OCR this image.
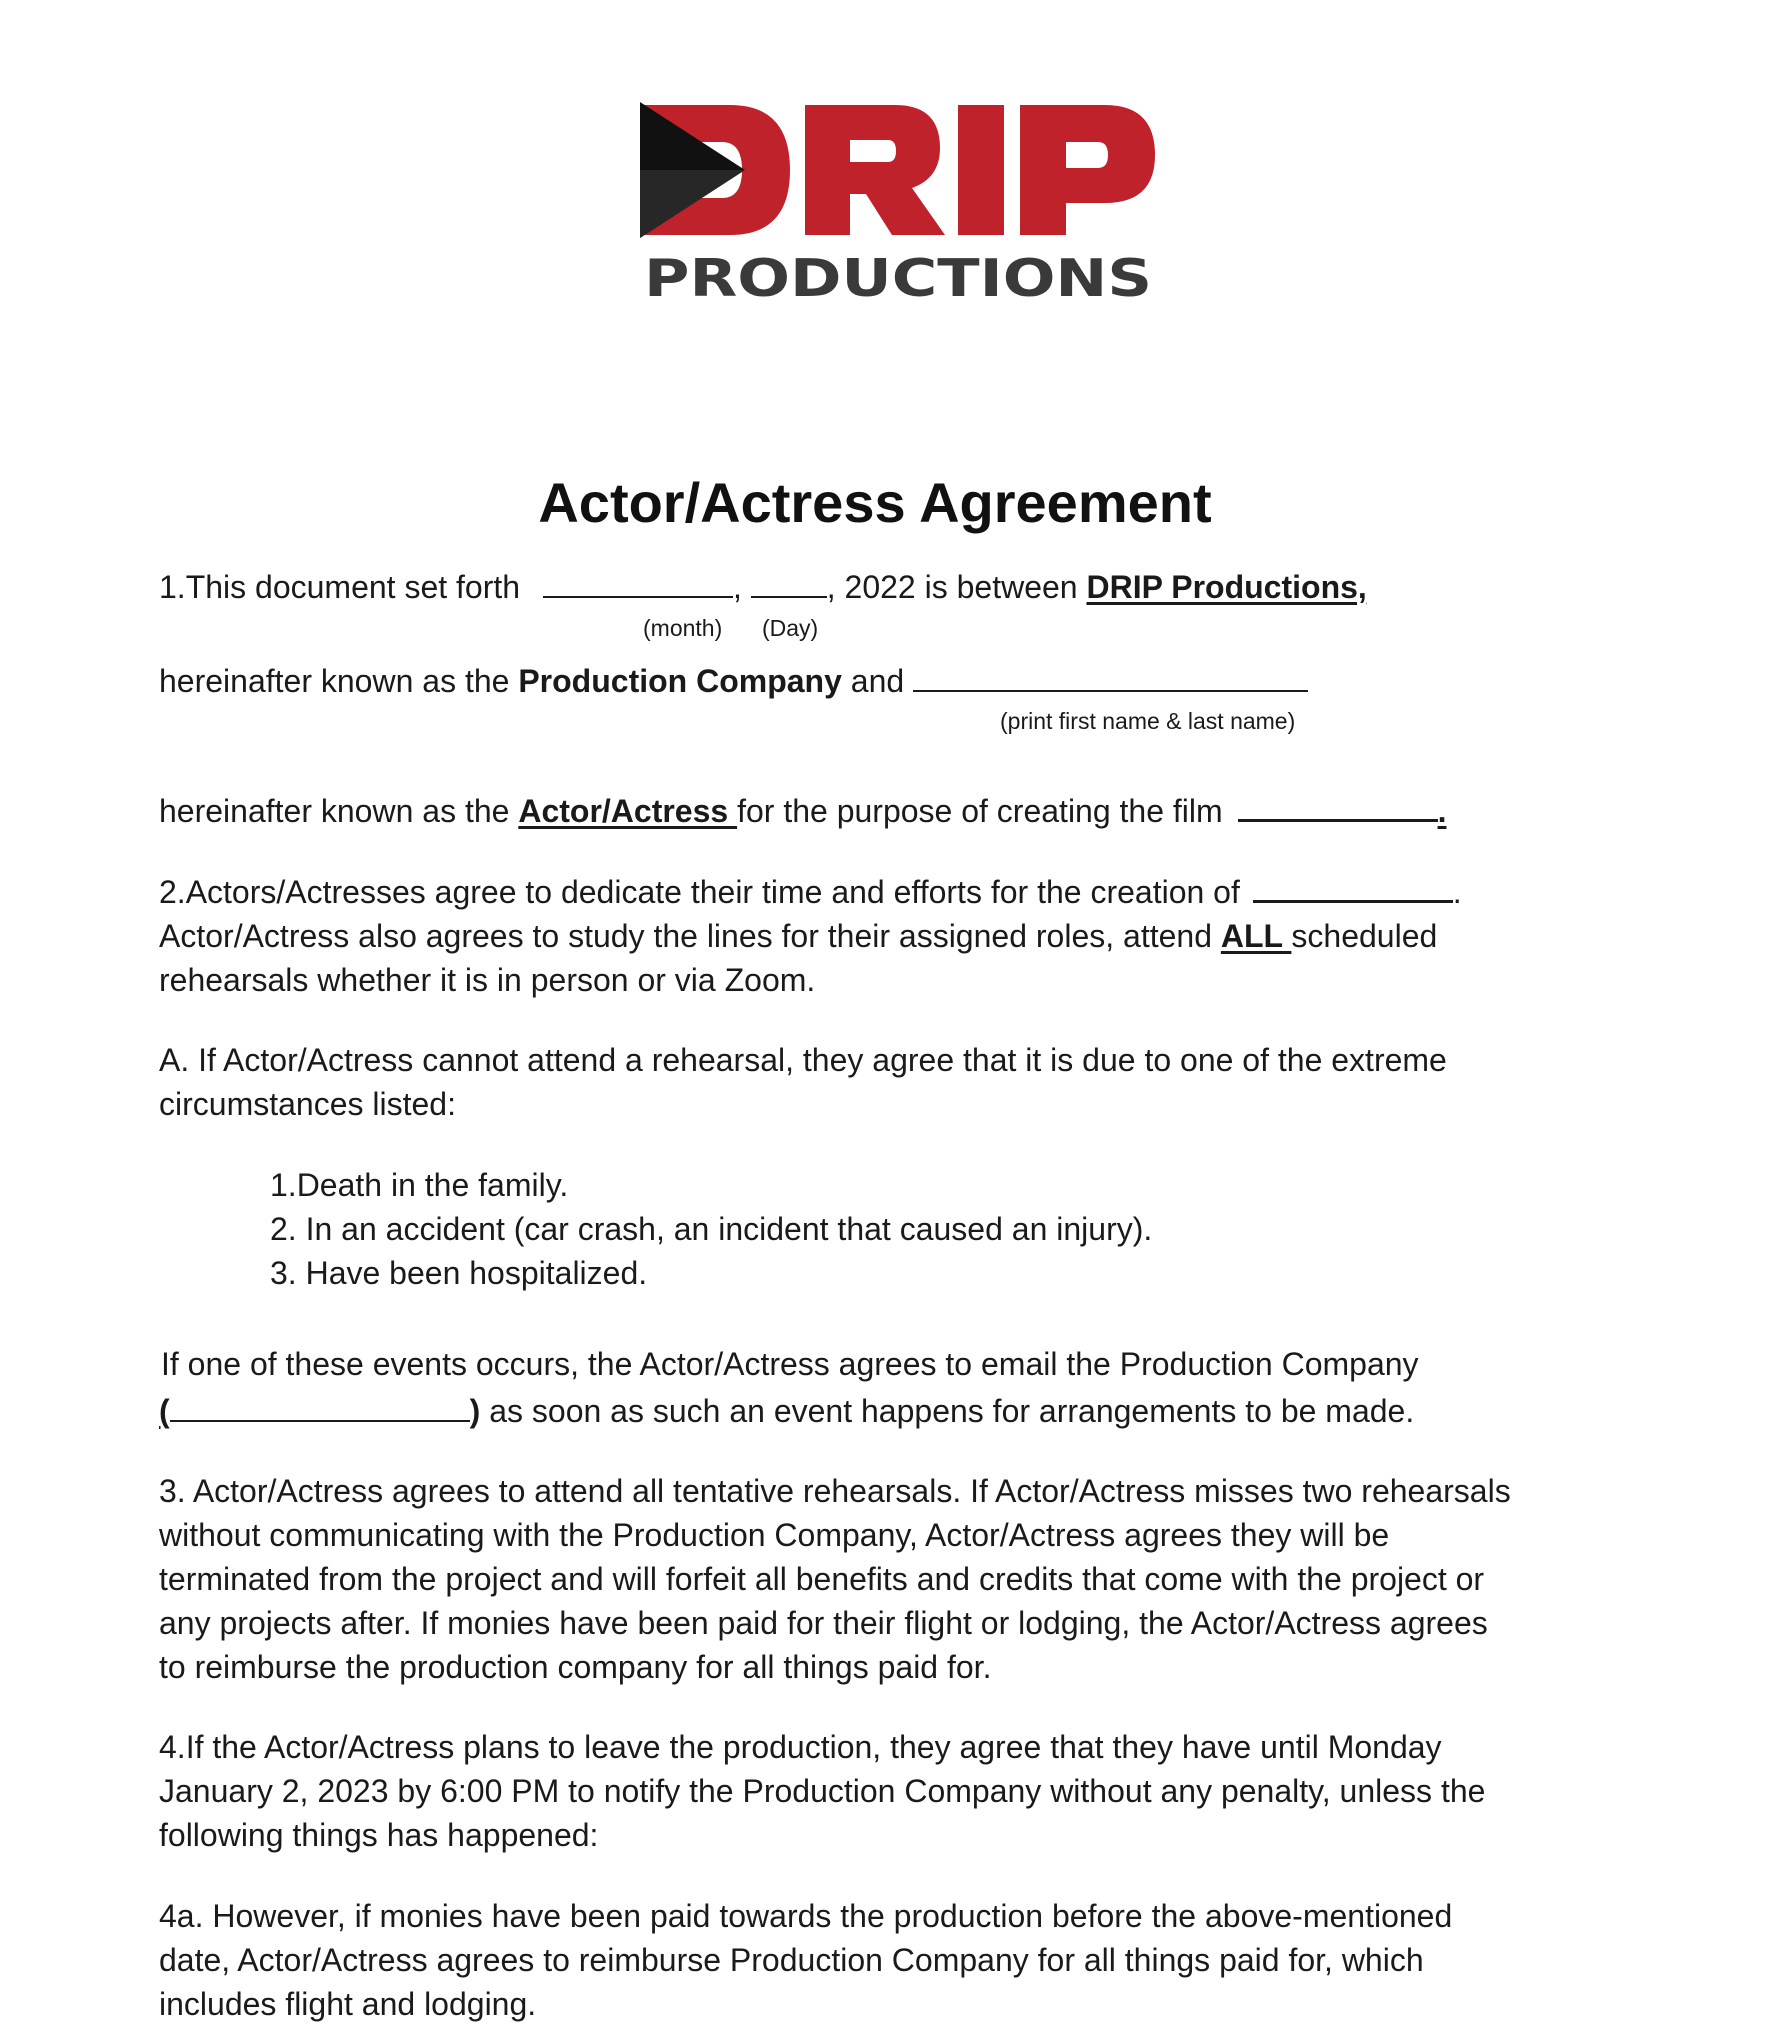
PRODUCTIONS
Actor/Actress Agreement
1.This document set forth	,	, 2022 is between DRIP Productions,
(month) (Day)
hereinafter known as the Production Company and
(print first name & last name)
hereinafter known as the Actor/Actress for the purpose of creating the film	.
2.Actors/Actresses agree to dedicate their time and efforts for the creation of	.
Actor/Actress also agrees to study the lines for their assigned roles, attend ALL scheduled
rehearsals whether it is in person or via Zoom.
A. If Actor/Actress cannot attend a rehearsal, they agree that it is due to one of the extreme
circumstances listed:
1.Death in the family.
2. In an accident (car crash, an incident that caused an injury).
3. Have been hospitalized.
If one of these events occurs, the Actor/Actress agrees to email the Production Company
(	) as soon as such an event happens for arrangements to be made.
3. Actor/Actress agrees to attend all tentative rehearsals. If Actor/Actress misses two rehearsals
without communicating with the Production Company, Actor/Actress agrees they will be
terminated from the project and will forfeit all benefits and credits that come with the project or
any projects after. If monies have been paid for their flight or lodging, the Actor/Actress agrees
to reimburse the production company for all things paid for.
4.If the Actor/Actress plans to leave the production, they agree that they have until Monday
January 2, 2023 by 6:00 PM to notify the Production Company without any penalty, unless the
following things has happened:
4a. However, if monies have been paid towards the production before the above-mentioned
date, Actor/Actress agrees to reimburse Production Company for all things paid for, which
includes flight and lodging.
